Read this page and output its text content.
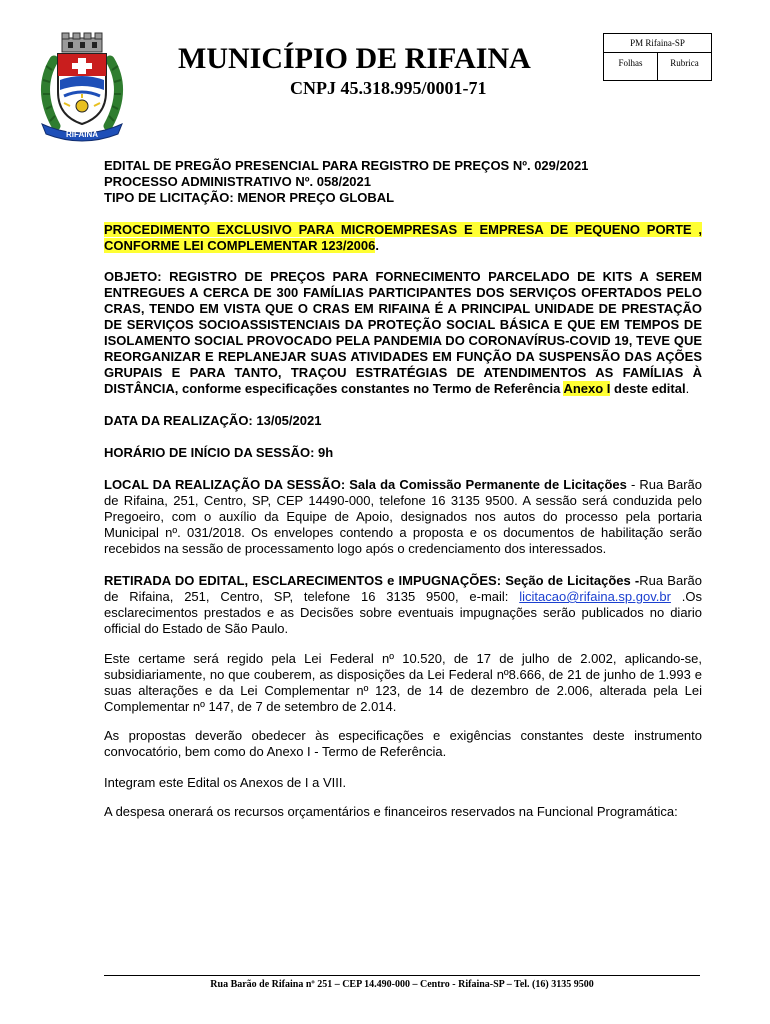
RIFAINA
MUNICÍPIO DE RIFAINA
CNPJ 45.318.995/0001-71
PM Rifaina-SP
Folhas	Rubrica

EDITAL DE PREGÃO PRESENCIAL PARA REGISTRO DE PREÇOS Nº. 029/2021

PROCESSO ADMINISTRATIVO Nº. 058/2021

TIPO DE LICITAÇÃO: MENOR PREÇO GLOBAL

PROCEDIMENTO EXCLUSIVO PARA MICROEMPRESAS E EMPRESA DE PEQUENO PORTE , CONFORME LEI COMPLEMENTAR 123/2006.

OBJETO: REGISTRO DE PREÇOS PARA FORNECIMENTO PARCELADO DE KITS A SEREM ENTREGUES A CERCA DE 300 FAMÍLIAS PARTICIPANTES DOS SERVIÇOS OFERTADOS PELO CRAS, TENDO EM VISTA QUE O CRAS EM RIFAINA É A PRINCIPAL UNIDADE DE PRESTAÇÃO DE SERVIÇOS SOCIOASSISTENCIAIS DA PROTEÇÃO SOCIAL BÁSICA E QUE EM TEMPOS DE ISOLAMENTO SOCIAL PROVOCADO PELA PANDEMIA DO CORONAVÍRUS-COVID 19, TEVE QUE REORGANIZAR E REPLANEJAR SUAS ATIVIDADES EM FUNÇÃO DA SUSPENSÃO DAS AÇÕES GRUPAIS E PARA TANTO, TRAÇOU ESTRATÉGIAS DE ATENDIMENTOS AS FAMÍLIAS À DISTÂNCIA, conforme especificações constantes no Termo de Referência Anexo I deste edital.

DATA DA REALIZAÇÃO: 13/05/2021

HORÁRIO DE INÍCIO DA SESSÃO: 9h

LOCAL DA REALIZAÇÃO DA SESSÃO: Sala da Comissão Permanente de Licitações - Rua Barão de Rifaina, 251, Centro, SP, CEP 14490-000, telefone 16 3135 9500. A sessão será conduzida pelo Pregoeiro, com o auxílio da Equipe de Apoio, designados nos autos do processo pela portaria Municipal nº. 031/2018. Os envelopes contendo a proposta e os documentos de habilitação serão recebidos na sessão de processamento logo após o credenciamento dos interessados.

RETIRADA DO EDITAL, ESCLARECIMENTOS e IMPUGNAÇÕES: Seção de Licitações -Rua Barão de Rifaina, 251, Centro, SP, telefone 16 3135 9500, e-mail: licitacao@rifaina.sp.gov.br .Os esclarecimentos prestados e as Decisões sobre eventuais impugnações serão publicados no diario official do Estado de São Paulo.

Este certame será regido pela Lei Federal nº 10.520, de 17 de julho de 2.002, aplicando-se, subsidiariamente, no que couberem, as disposições da Lei Federal nº8.666, de 21 de junho de 1.993 e suas alterações e da Lei Complementar nº 123, de 14 de dezembro de 2.006, alterada pela Lei Complementar nº 147, de 7 de setembro de 2.014.

As propostas deverão obedecer às especificações e exigências constantes deste instrumento convocatório, bem como do Anexo I - Termo de Referência.

Integram este Edital os Anexos de I a VIII.

A despesa onerará os recursos orçamentários e financeiros reservados na Funcional Programática:

Rua Barão de Rifaina nº 251 – CEP 14.490-000 – Centro - Rifaina-SP – Tel. (16) 3135 9500
